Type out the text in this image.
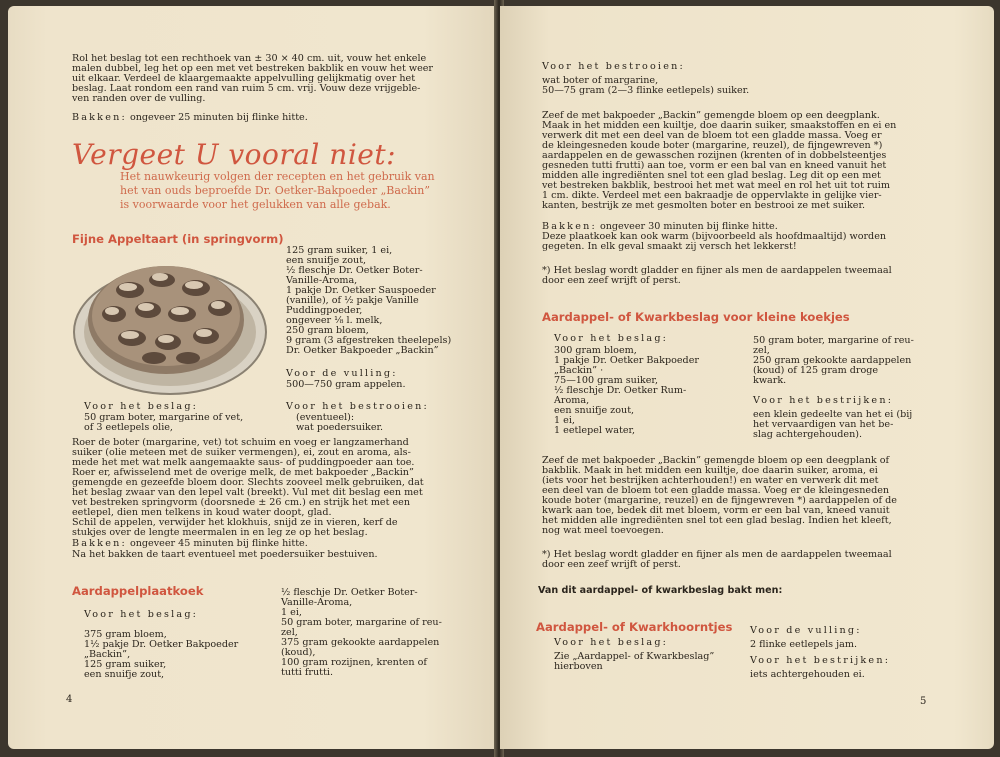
Rol het beslag tot een rechthoek van ± 30 × 40 cm. uit, vouw het enkele
malen dubbel, leg het op een met vet bestreken bakblik en vouw het weer
uit elkaar. Verdeel de klaargemaakte appelvulling gelijkmatig over het
beslag. Laat rondom een rand van ruim 5 cm. vrij. Vouw deze vrijgeble-
ven randen over de vulling.
Bakken: ongeveer 25 minuten bij flinke hitte.
Vergeet U vooral niet:
Het nauwkeurig volgen der recepten en het gebruik van
het van ouds beproefde Dr. Oetker-Bakpoeder „Backin”
is voorwaarde voor het gelukken van alle gebak.
Fijne Appeltaart (in springvorm)
125 gram suiker, 1 ei,
een snuifje zout,
½ fleschje Dr. Oetker Boter-
Vanille-Aroma,
1 pakje Dr. Oetker Sauspoeder
(vanille), of ½ pakje Vanille
Puddingpoeder,
ongeveer ⅛ l. melk,
250 gram bloem,
9 gram (3 afgestreken theelepels)
Dr. Oetker Bakpoeder „Backin”
Voor de vulling:
500—750 gram appelen.
Voor het beslag:
50 gram boter, margarine of vet,
of 3 eetlepels olie,
Voor het bestrooien:
(eventueel):
wat poedersuiker.
Roer de boter (margarine, vet) tot schuim en voeg er langzamerhand
suiker (olie meteen met de suiker vermengen), ei, zout en aroma, als-
mede het met wat melk aangemaakte saus- of puddingpoeder aan toe.
Roer er, afwisselend met de overige melk, de met bakpoeder „Backin”
gemengde en gezeefde bloem door. Slechts zooveel melk gebruiken, dat
het beslag zwaar van den lepel valt (breekt). Vul met dit beslag een met
vet bestreken springvorm (doorsnede ± 26 cm.) en strijk het met een
eetlepel, dien men telkens in koud water doopt, glad.
Schil de appelen, verwijder het klokhuis, snijd ze in vieren, kerf de
stukjes over de lengte meermalen in en leg ze op het beslag.
Bakken: ongeveer 45 minuten bij flinke hitte.
Na het bakken de taart eventueel met poedersuiker bestuiven.
Aardappelplaatkoek
Voor het beslag:
375 gram bloem,
1½ pakje Dr. Oetker Bakpoeder
„Backin”,
125 gram suiker,
een snuifje zout,
½ fleschje Dr. Oetker Boter-
Vanille-Aroma,
1 ei,
50 gram boter, margarine of reu-
zel,
375 gram gekookte aardappelen
(koud),
100 gram rozijnen, krenten of
tutti frutti.
4
Voor het bestrooien:
wat boter of margarine,
50—75 gram (2—3 flinke eetlepels) suiker.
Zeef de met bakpoeder „Backin” gemengde bloem op een deegplank.
Maak in het midden een kuiltje, doe daarin suiker, smaakstoffen en ei en
verwerk dit met een deel van de bloem tot een gladde massa. Voeg er
de kleingesneden koude boter (margarine, reuzel), de fijngewreven *)
aardappelen en de gewasschen rozijnen (krenten of in dobbelsteentjes
gesneden tutti frutti) aan toe, vorm er een bal van en kneed vanuit het
midden alle ingrediënten snel tot een glad beslag. Leg dit op een met
vet bestreken bakblik, bestrooi het met wat meel en rol het uit tot ruim
1 cm. dikte. Verdeel met een bakraadje de oppervlakte in gelijke vier-
kanten, bestrijk ze met gesmolten boter en bestrooi ze met suiker.
Bakken: ongeveer 30 minuten bij flinke hitte.
Deze plaatkoek kan ook warm (bijvoorbeeld als hoofdmaaltijd) worden
gegeten. In elk geval smaakt zij versch het lekkerst!
*) Het beslag wordt gladder en fijner als men de aardappelen tweemaal
door een zeef wrijft of perst.
Aardappel- of Kwarkbeslag voor kleine koekjes
Voor het beslag:
300 gram bloem,
1 pakje Dr. Oetker Bakpoeder
„Backin” ·
75—100 gram suiker,
½ fleschje Dr. Oetker Rum-
Aroma,
een snuifje zout,
1 ei,
1 eetlepel water,
50 gram boter, margarine of reu-
zel,
250 gram gekookte aardappelen
(koud) of 125 gram droge
kwark.
Voor het bestrijken:
een klein gedeelte van het ei (bij
het vervaardigen van het be-
slag achtergehouden).
Zeef de met bakpoeder „Backin” gemengde bloem op een deegplank of
bakblik. Maak in het midden een kuiltje, doe daarin suiker, aroma, ei
(iets voor het bestrijken achterhouden!) en water en verwerk dit met
een deel van de bloem tot een gladde massa. Voeg er de kleingesneden
koude boter (margarine, reuzel) en de fijngewreven *) aardappelen of de
kwark aan toe, bedek dit met bloem, vorm er een bal van, kneed vanuit
het midden alle ingrediënten snel tot een glad beslag. Indien het kleeft,
nog wat meel toevoegen.
*) Het beslag wordt gladder en fijner als men de aardappelen tweemaal
door een zeef wrijft of perst.
Van dit aardappel- of kwarkbeslag bakt men:
Aardappel- of Kwarkhoorntjes
Voor het beslag:
Zie „Aardappel- of Kwarkbeslag”
hierboven
Voor de vulling:
2 flinke eetlepels jam.
Voor het bestrijken:
iets achtergehouden ei.
5
